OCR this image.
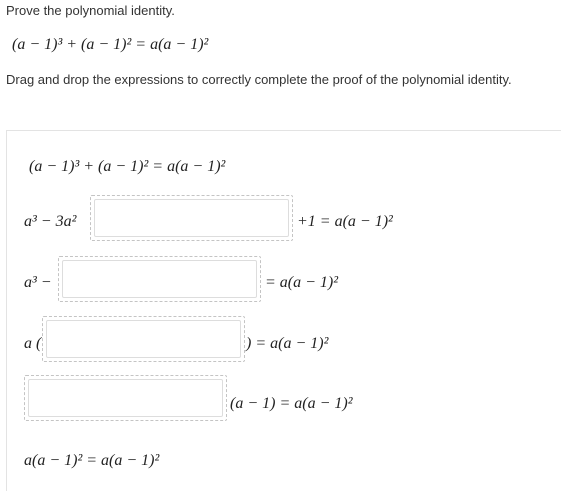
Prove the polynomial identity.
(a − 1)³ + (a − 1)² = a(a − 1)²
Drag and drop the expressions to correctly complete the proof of the polynomial identity.
(a − 1)³ + (a − 1)² = a(a − 1)²
a³ − 3a²	+1 = a(a − 1)²
a³ −	= a(a − 1)²
a (	) = a(a − 1)²
(a − 1) = a(a − 1)²
a(a − 1)² = a(a − 1)²
